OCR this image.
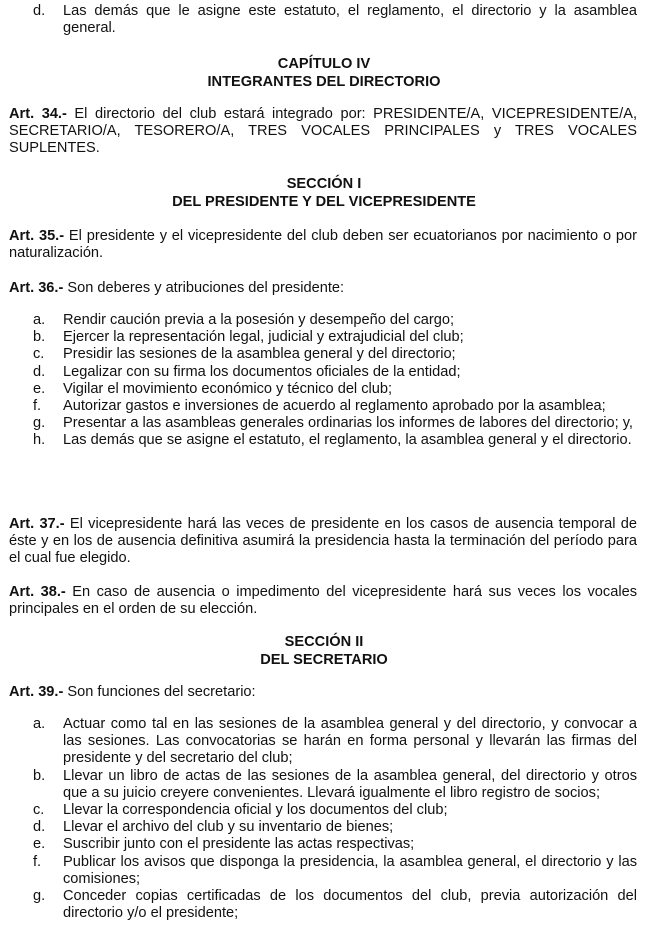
d.	Las demás que le asigne este estatuto, el reglamento, el directorio y la asamblea general.
CAPÍTULO IV
INTEGRANTES DEL DIRECTORIO
Art. 34.- El directorio del club estará integrado por: PRESIDENTE/A, VICEPRESIDENTE/A, SECRETARIO/A, TESORERO/A, TRES VOCALES PRINCIPALES y TRES VOCALES SUPLENTES.
SECCIÓN I
DEL PRESIDENTE Y DEL VICEPRESIDENTE
Art. 35.- El presidente y el vicepresidente del club deben ser ecuatorianos por nacimiento o por naturalización.
Art. 36.- Son deberes y atribuciones del presidente:
a.	Rendir caución previa a la posesión y desempeño del cargo;
b.	Ejercer la representación legal, judicial y extrajudicial del club;
c.	Presidir las sesiones de la asamblea general y del directorio;
d.	Legalizar con su firma los documentos oficiales de la entidad;
e.	Vigilar el movimiento económico y técnico del club;
f.	Autorizar gastos e inversiones de acuerdo al reglamento aprobado por la asamblea;
g.	Presentar a las asambleas generales ordinarias los informes de labores del directorio; y,
h.	Las demás que se asigne el estatuto, el reglamento, la asamblea general y el directorio.
Art. 37.- El vicepresidente hará las veces de presidente en los casos de ausencia temporal de éste y en los de ausencia definitiva asumirá la presidencia hasta la terminación del período para el cual fue elegido.
Art. 38.- En caso de ausencia o impedimento del vicepresidente hará sus veces los vocales principales en el orden de su elección.
SECCIÓN II
DEL SECRETARIO
Art. 39.- Son funciones del secretario:
a.	Actuar como tal en las sesiones de la asamblea general y del directorio, y convocar a las sesiones. Las convocatorias se harán en forma personal y llevarán las firmas del presidente y del secretario del club;
b.	Llevar un libro de actas de las sesiones de la asamblea general, del directorio y otros que a su juicio creyere convenientes. Llevará igualmente el libro registro de socios;
c.	Llevar la correspondencia oficial y los documentos del club;
d.	Llevar el archivo del club y su inventario de bienes;
e.	Suscribir junto con el presidente las actas respectivas;
f.	Publicar los avisos que disponga la presidencia, la asamblea general, el directorio y las comisiones;
g.	Conceder copias certificadas de los documentos del club, previa autorización del directorio y/o el presidente;
